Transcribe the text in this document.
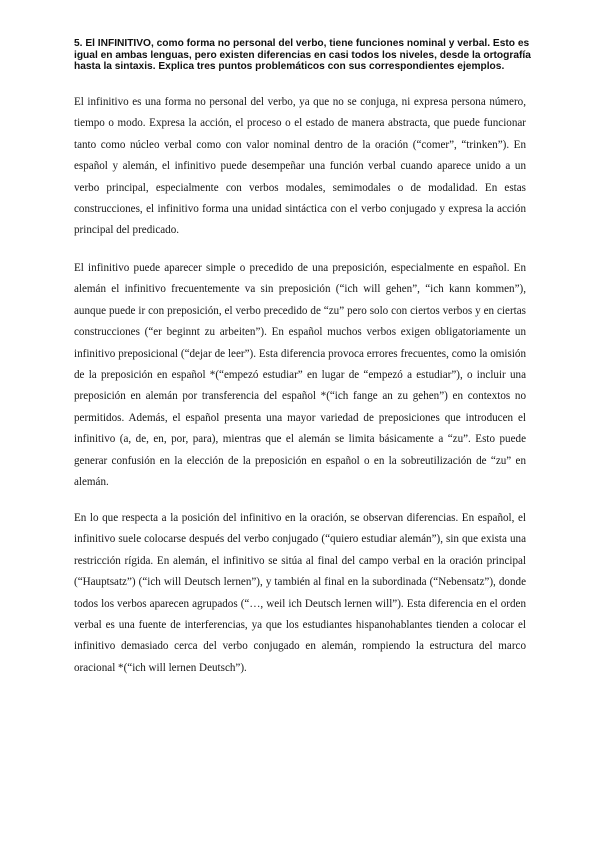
5. El INFINITIVO, como forma no personal del verbo, tiene funciones nominal y verbal. Esto es igual en ambas lenguas, pero existen diferencias en casi todos los niveles, desde la ortografía hasta la sintaxis. Explica tres puntos problemáticos con sus correspondientes ejemplos.

El infinitivo es una forma no personal del verbo, ya que no se conjuga, ni expresa persona número, tiempo o modo. Expresa la acción, el proceso o el estado de manera abstracta, que puede funcionar tanto como núcleo verbal como con valor nominal dentro de la oración (“comer”, “trinken”). En español y alemán, el infinitivo puede desempeñar una función verbal cuando aparece unido a un verbo principal, especialmente con verbos modales, semimodales o de modalidad. En estas construcciones, el infinitivo forma una unidad sintáctica con el verbo conjugado y expresa la acción principal del predicado.

El infinitivo puede aparecer simple o precedido de una preposición, especialmente en español. En alemán el infinitivo frecuentemente va sin preposición (“ich will gehen”, “ich kann kommen”), aunque puede ir con preposición, el verbo precedido de “zu” pero solo con ciertos verbos y en ciertas construcciones (“er beginnt zu arbeiten”). En español muchos verbos exigen obligatoriamente un infinitivo preposicional (“dejar de leer”). Esta diferencia provoca errores frecuentes, como la omisión de la preposición en español *(“empezó estudiar” en lugar de “empezó a estudiar”), o incluir una preposición en alemán por transferencia del español *(“ich fange an zu gehen”) en contextos no permitidos. Además, el español presenta una mayor variedad de preposiciones que introducen el infinitivo (a, de, en, por, para), mientras que el alemán se limita básicamente a “zu”. Esto puede generar confusión en la elección de la preposición en español o en la sobreutilización de “zu” en alemán.

En lo que respecta a la posición del infinitivo en la oración, se observan diferencias. En español, el infinitivo suele colocarse después del verbo conjugado (“quiero estudiar alemán”), sin que exista una restricción rígida. En alemán, el infinitivo se sitúa al final del campo verbal en la oración principal (“Hauptsatz”) (“ich will Deutsch lernen”), y también al final en la subordinada (“Nebensatz”), donde todos los verbos aparecen agrupados (“…, weil ich Deutsch lernen will”). Esta diferencia en el orden verbal es una fuente de interferencias, ya que los estudiantes hispanohablantes tienden a colocar el infinitivo demasiado cerca del verbo conjugado en alemán, rompiendo la estructura del marco oracional *(“ich will lernen Deutsch”).
